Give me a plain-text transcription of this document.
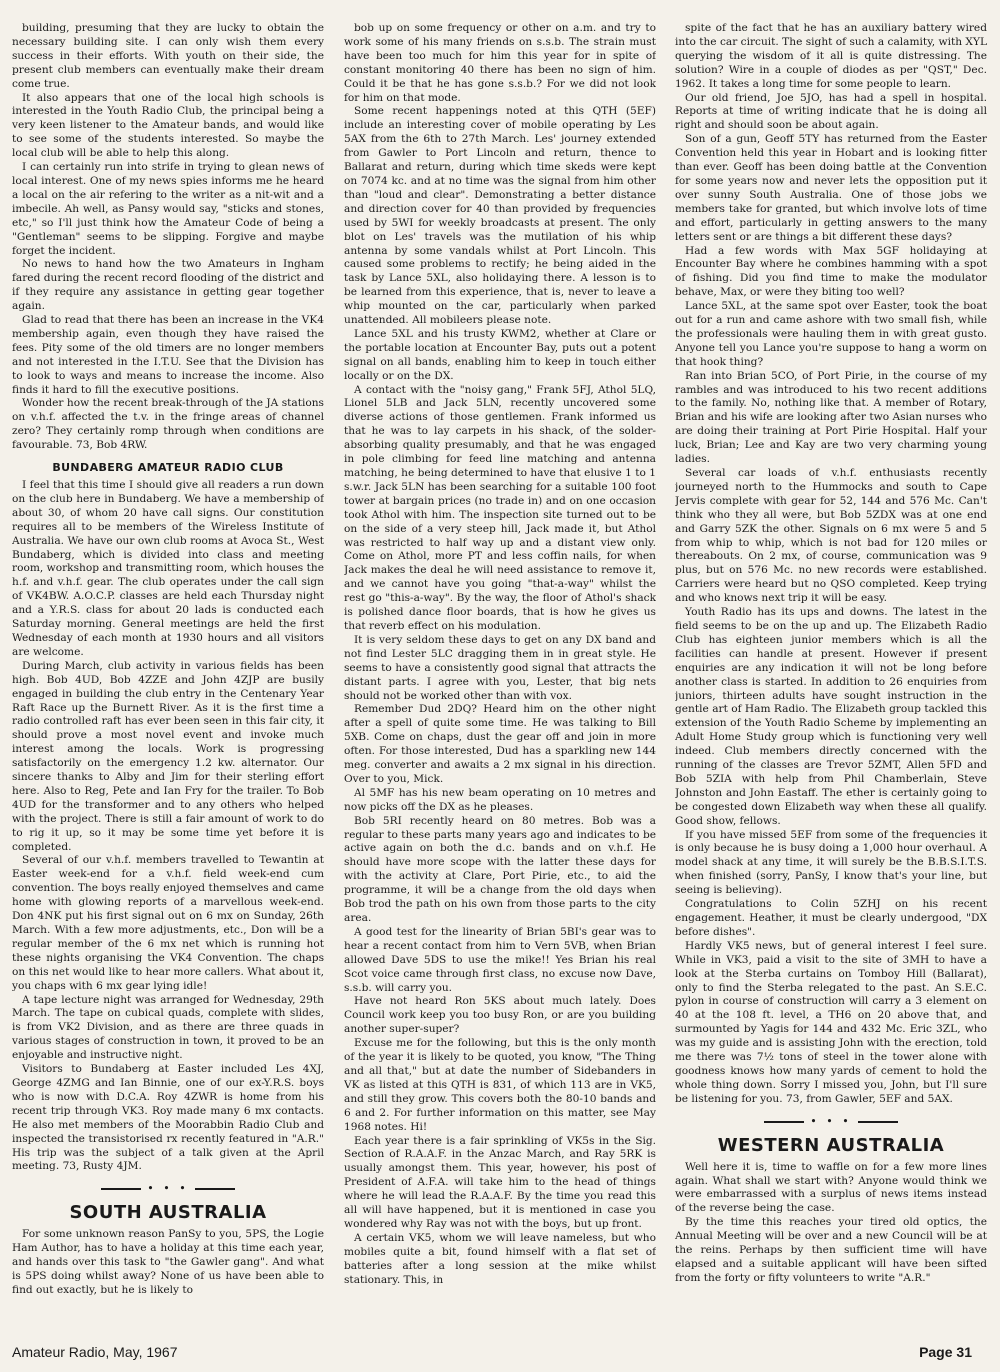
building, presuming that they are lucky to obtain the necessary building site. I can only wish them every success in their efforts. With youth on their side, the present club members can eventually make their dream come true.

It also appears that one of the local high schools is interested in the Youth Radio Club, the principal being a very keen listener to the Amateur bands, and would like to see some of the students interested. So maybe the local club will be able to help this along.

I can certainly run into strife in trying to glean news of local interest. One of my news spies informs me he heard a local on the air refering to the writer as a nit-wit and a imbecile. Ah well, as Pansy would say, "sticks and stones, etc," so I'll just think how the Amateur Code of being a "Gentleman" seems to be slipping. Forgive and maybe forget the incident.

No news to hand how the two Amateurs in Ingham fared during the recent record flooding of the district and if they require any assistance in getting gear together again.

Glad to read that there has been an increase in the VK4 membership again, even though they have raised the fees. Pity some of the old timers are no longer members and not interested in the I.T.U. See that the Division has to look to ways and means to increase the income. Also finds it hard to fill the executive positions.

Wonder how the recent break-through of the JA stations on v.h.f. affected the t.v. in the fringe areas of channel zero? They certainly romp through when conditions are favourable. 73, Bob 4RW.

BUNDABERG AMATEUR RADIO CLUB

I feel that this time I should give all readers a run down on the club here in Bundaberg. We have a membership of about 30, of whom 20 have call signs. Our constitution requires all to be members of the Wireless Institute of Australia. We have our own club rooms at Avoca St., West Bundaberg, which is divided into class and meeting room, workshop and transmitting room, which houses the h.f. and v.h.f. gear. The club operates under the call sign of VK4BW. A.O.C.P. classes are held each Thursday night and a Y.R.S. class for about 20 lads is conducted each Saturday morning. General meetings are held the first Wednesday of each month at 1930 hours and all visitors are welcome.

During March, club activity in various fields has been high. Bob 4UD, Bob 4ZZE and John 4ZJP are busily engaged in building the club entry in the Centenary Year Raft Race up the Burnett River. As it is the first time a radio controlled raft has ever been seen in this fair city, it should prove a most novel event and invoke much interest among the locals. Work is progressing satisfactorily on the emergency 1.2 kw. alternator. Our sincere thanks to Alby and Jim for their sterling effort here. Also to Reg, Pete and Ian Fry for the trailer. To Bob 4UD for the transformer and to any others who helped with the project. There is still a fair amount of work to do to rig it up, so it may be some time yet before it is completed.

Several of our v.h.f. members travelled to Tewantin at Easter week-end for a v.h.f. field week-end cum convention. The boys really enjoyed themselves and came home with glowing reports of a marvellous week-end. Don 4NK put his first signal out on 6 mx on Sunday, 26th March. With a few more adjustments, etc., Don will be a regular member of the 6 mx net which is running hot these nights organising the VK4 Convention. The chaps on this net would like to hear more callers. What about it, you chaps with 6 mx gear lying idle!

A tape lecture night was arranged for Wednesday, 29th March. The tape on cubical quads, complete with slides, is from VK2 Division, and as there are three quads in various stages of construction in town, it proved to be an enjoyable and instructive night.

Visitors to Bundaberg at Easter included Les 4XJ, George 4ZMG and Ian Binnie, one of our ex-Y.R.S. boys who is now with D.C.A. Roy 4ZWR is home from his recent trip through VK3. Roy made many 6 mx contacts. He also met members of the Moorabbin Radio Club and inspected the transistorised rx recently featured in "A.R." His trip was the subject of a talk given at the April meeting. 73, Rusty 4JM.

• • •
SOUTH AUSTRALIA

For some unknown reason PanSy to you, 5PS, the Logie Ham Author, has to have a holiday at this time each year, and hands over this task to "the Gawler gang". And what is 5PS doing whilst away? None of us have been able to find out exactly, but he is likely to

bob up on some frequency or other on a.m. and try to work some of his many friends on s.s.b. The strain must have been too much for him this year for in spite of constant monitoring 40 there has been no sign of him. Could it be that he has gone s.s.b.? For we did not look for him on that mode.

Some recent happenings noted at this QTH (5EF) include an interesting cover of mobile operating by Les 5AX from the 6th to 27th March. Les' journey extended from Gawler to Port Lincoln and return, thence to Ballarat and return, during which time skeds were kept on 7074 kc. and at no time was the signal from him other than "loud and clear". Demonstrating a better distance and direction cover for 40 than provided by frequencies used by 5WI for weekly broadcasts at present. The only blot on Les' travels was the mutilation of his whip antenna by some vandals whilst at Port Lincoln. This caused some problems to rectify; he being aided in the task by Lance 5XL, also holidaying there. A lesson is to be learned from this experience, that is, never to leave a whip mounted on the car, particularly when parked unattended. All mobileers please note.

Lance 5XL and his trusty KWM2, whether at Clare or the portable location at Encounter Bay, puts out a potent signal on all bands, enabling him to keep in touch either locally or on the DX.

A contact with the "noisy gang," Frank 5FJ, Athol 5LQ, Lionel 5LB and Jack 5LN, recently uncovered some diverse actions of those gentlemen. Frank informed us that he was to lay carpets in his shack, of the solder-absorbing quality presumably, and that he was engaged in pole climbing for feed line matching and antenna matching, he being determined to have that elusive 1 to 1 s.w.r. Jack 5LN has been searching for a suitable 100 foot tower at bargain prices (no trade in) and on one occasion took Athol with him. The inspection site turned out to be on the side of a very steep hill, Jack made it, but Athol was restricted to half way up and a distant view only. Come on Athol, more PT and less coffin nails, for when Jack makes the deal he will need assistance to remove it, and we cannot have you going "that-a-way" whilst the rest go "this-a-way". By the way, the floor of Athol's shack is polished dance floor boards, that is how he gives us that reverb effect on his modulation.

It is very seldom these days to get on any DX band and not find Lester 5LC dragging them in in great style. He seems to have a consistently good signal that attracts the distant parts. I agree with you, Lester, that big nets should not be worked other than with vox.

Remember Dud 2DQ? Heard him on the other night after a spell of quite some time. He was talking to Bill 5XB. Come on chaps, dust the gear off and join in more often. For those interested, Dud has a sparkling new 144 meg. converter and awaits a 2 mx signal in his direction. Over to you, Mick.

Al 5MF has his new beam operating on 10 metres and now picks off the DX as he pleases.

Bob 5RI recently heard on 80 metres. Bob was a regular to these parts many years ago and indicates to be active again on both the d.c. bands and on v.h.f. He should have more scope with the latter these days for with the activity at Clare, Port Pirie, etc., to aid the programme, it will be a change from the old days when Bob trod the path on his own from those parts to the city area.

A good test for the linearity of Brian 5BI's gear was to hear a recent contact from him to Vern 5VB, when Brian allowed Dave 5DS to use the mike!! Yes Brian his real Scot voice came through first class, no excuse now Dave, s.s.b. will carry you.

Have not heard Ron 5KS about much lately. Does Council work keep you too busy Ron, or are you building another super-super?

Excuse me for the following, but this is the only month of the year it is likely to be quoted, you know, "The Thing and all that," but at date the number of Sidebanders in VK as listed at this QTH is 831, of which 113 are in VK5, and still they grow. This covers both the 80-10 bands and 6 and 2. For further information on this matter, see May 1968 notes. Hi!

Each year there is a fair sprinkling of VK5s in the Sig. Section of R.A.A.F. in the Anzac March, and Ray 5RK is usually amongst them. This year, however, his post of President of A.F.A. will take him to the head of things where he will lead the R.A.A.F. By the time you read this all will have happened, but it is mentioned in case you wondered why Ray was not with the boys, but up front.

A certain VK5, whom we will leave nameless, but who mobiles quite a bit, found himself with a flat set of batteries after a long session at the mike whilst stationary. This, in

spite of the fact that he has an auxiliary battery wired into the car circuit. The sight of such a calamity, with XYL querying the wisdom of it all is quite distressing. The solution? Wire in a couple of diodes as per "QST," Dec. 1962. It takes a long time for some people to learn.

Our old friend, Joe 5JO, has had a spell in hospital. Reports at time of writing indicate that he is doing all right and should soon be about again.

Son of a gun, Geoff 5TY has returned from the Easter Convention held this year in Hobart and is looking fitter than ever. Geoff has been doing battle at the Convention for some years now and never lets the opposition put it over sunny South Australia. One of those jobs we members take for granted, but which involve lots of time and effort, particularly in getting answers to the many letters sent or are things a bit different these days?

Had a few words with Max 5GF holidaying at Encounter Bay where he combines hamming with a spot of fishing. Did you find time to make the modulator behave, Max, or were they biting too well?

Lance 5XL, at the same spot over Easter, took the boat out for a run and came ashore with two small fish, while the professionals were hauling them in with great gusto. Anyone tell you Lance you're suppose to hang a worm on that hook thing?

Ran into Brian 5CO, of Port Pirie, in the course of my rambles and was introduced to his two recent additions to the family. No, nothing like that. A member of Rotary, Brian and his wife are looking after two Asian nurses who are doing their training at Port Pirie Hospital. Half your luck, Brian; Lee and Kay are two very charming young ladies.

Several car loads of v.h.f. enthusiasts recently journeyed north to the Hummocks and south to Cape Jervis complete with gear for 52, 144 and 576 Mc. Can't think who they all were, but Bob 5ZDX was at one end and Garry 5ZK the other. Signals on 6 mx were 5 and 5 from whip to whip, which is not bad for 120 miles or thereabouts. On 2 mx, of course, communication was 9 plus, but on 576 Mc. no new records were established. Carriers were heard but no QSO completed. Keep trying and who knows next trip it will be easy.

Youth Radio has its ups and downs. The latest in the field seems to be on the up and up. The Elizabeth Radio Club has eighteen junior members which is all the facilities can handle at present. However if present enquiries are any indication it will not be long before another class is started. In addition to 26 enquiries from juniors, thirteen adults have sought instruction in the gentle art of Ham Radio. The Elizabeth group tackled this extension of the Youth Radio Scheme by implementing an Adult Home Study group which is functioning very well indeed. Club members directly concerned with the running of the classes are Trevor 5ZMT, Allen 5FD and Bob 5ZIA with help from Phil Chamberlain, Steve Johnston and John Eastaff. The ether is certainly going to be congested down Elizabeth way when these all qualify. Good show, fellows.

If you have missed 5EF from some of the frequencies it is only because he is busy doing a 1,000 hour overhaul. A model shack at any time, it will surely be the B.B.S.I.T.S. when finished (sorry, PanSy, I know that's your line, but seeing is believing).

Congratulations to Colin 5ZHJ on his recent engagement. Heather, it must be clearly undergood, "DX before dishes".

Hardly VK5 news, but of general interest I feel sure. While in VK3, paid a visit to the site of 3MH to have a look at the Sterba curtains on Tomboy Hill (Ballarat), only to find the Sterba relegated to the past. An S.E.C. pylon in course of construction will carry a 3 element on 40 at the 108 ft. level, a TH6 on 20 above that, and surmounted by Yagis for 144 and 432 Mc. Eric 3ZL, who was my guide and is assisting John with the erection, told me there was 7½ tons of steel in the tower alone with goodness knows how many yards of cement to hold the whole thing down. Sorry I missed you, John, but I'll sure be listening for you. 73, from Gawler, 5EF and 5AX.

• • •
WESTERN AUSTRALIA

Well here it is, time to waffle on for a few more lines again. What shall we start with? Anyone would think we were embarrassed with a surplus of news items instead of the reverse being the case.

By the time this reaches your tired old optics, the Annual Meeting will be over and a new Council will be at the reins. Perhaps by then sufficient time will have elapsed and a suitable applicant will have been sifted from the forty or fifty volunteers to write "A.R."

Amateur Radio, May, 1967	Page 31
